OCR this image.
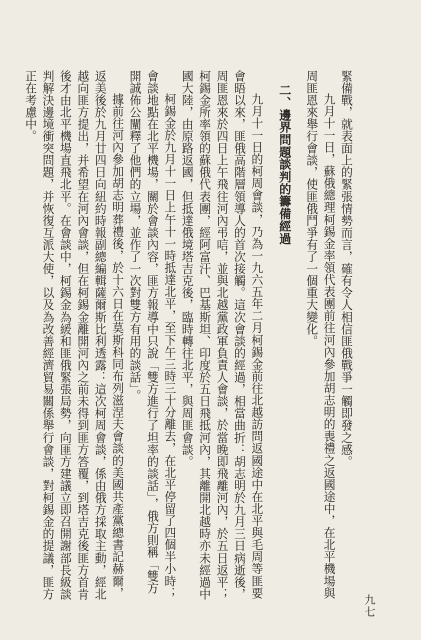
緊備戰，就表面上的緊張情勢而言，確有令人相信匪俄戰爭一觸即發之感。

九月十一日，蘇俄總理柯錫金率領代表團前往河內參加胡志明的喪禮之返國途中，在北平機場與周匪恩來舉行會談，使匪俄鬥爭有了一個重大變化。

二、邊界問題談判的籌備經過

九月十一日的柯周會談，乃為一九六五年二月柯錫金前往北越訪問返國途中在北平與毛周等匪要會晤以來，匪俄高階層領導人的首次接觸。這次會談的經過，相當曲折：胡志明於九月三日病逝後，周匪恩來於四日上午飛往河內弔唁，並與北越黨政軍負責人會談，於當晚即飛離河內，於五日返平；柯錫金所率領的蘇俄代表團，經阿富汗、巴基斯坦、印度於五日飛抵河內，其離開北越時亦未經過中國大陸，由原路返國，但抵達俄境塔吉克後，臨時轉往北平，與周匪會談。

柯錫金於九月十一日上午十一時抵達北平，至下午三時三十分離去，在北平停留了四個半小時；會談地點在北平機場，關於會談內容，匪方報導中只說「雙方進行了坦率的談話」，俄方則稱「雙方開誠佈公闡釋了他們的立場，並作了一次對雙方有用的談話」。

據前往河內參加胡志明葬禮後，於十六日在莫斯科同布列滋涅夫會談的美國共產黨總書記赫爾，返美後於九月廿四日向紐約時報副總編輯薩爾斯比利透露：這次柯周會談，係由俄方採取主動，經北越向匪方提出，并希望在河內會談，但在柯錫金離開河內之前未得到匪方答覆，到塔吉克後匪方首肯後才由北平機場直飛北平。在會談中，柯錫金為緩和匪俄緊張局勢，向匪方建議立即召開謝部長級談判解決邊境衝突問題，并恢復互派大使，以及為改善經濟貿易關係舉行會談，對柯錫金的提議，匪方正在考慮中。

九七
